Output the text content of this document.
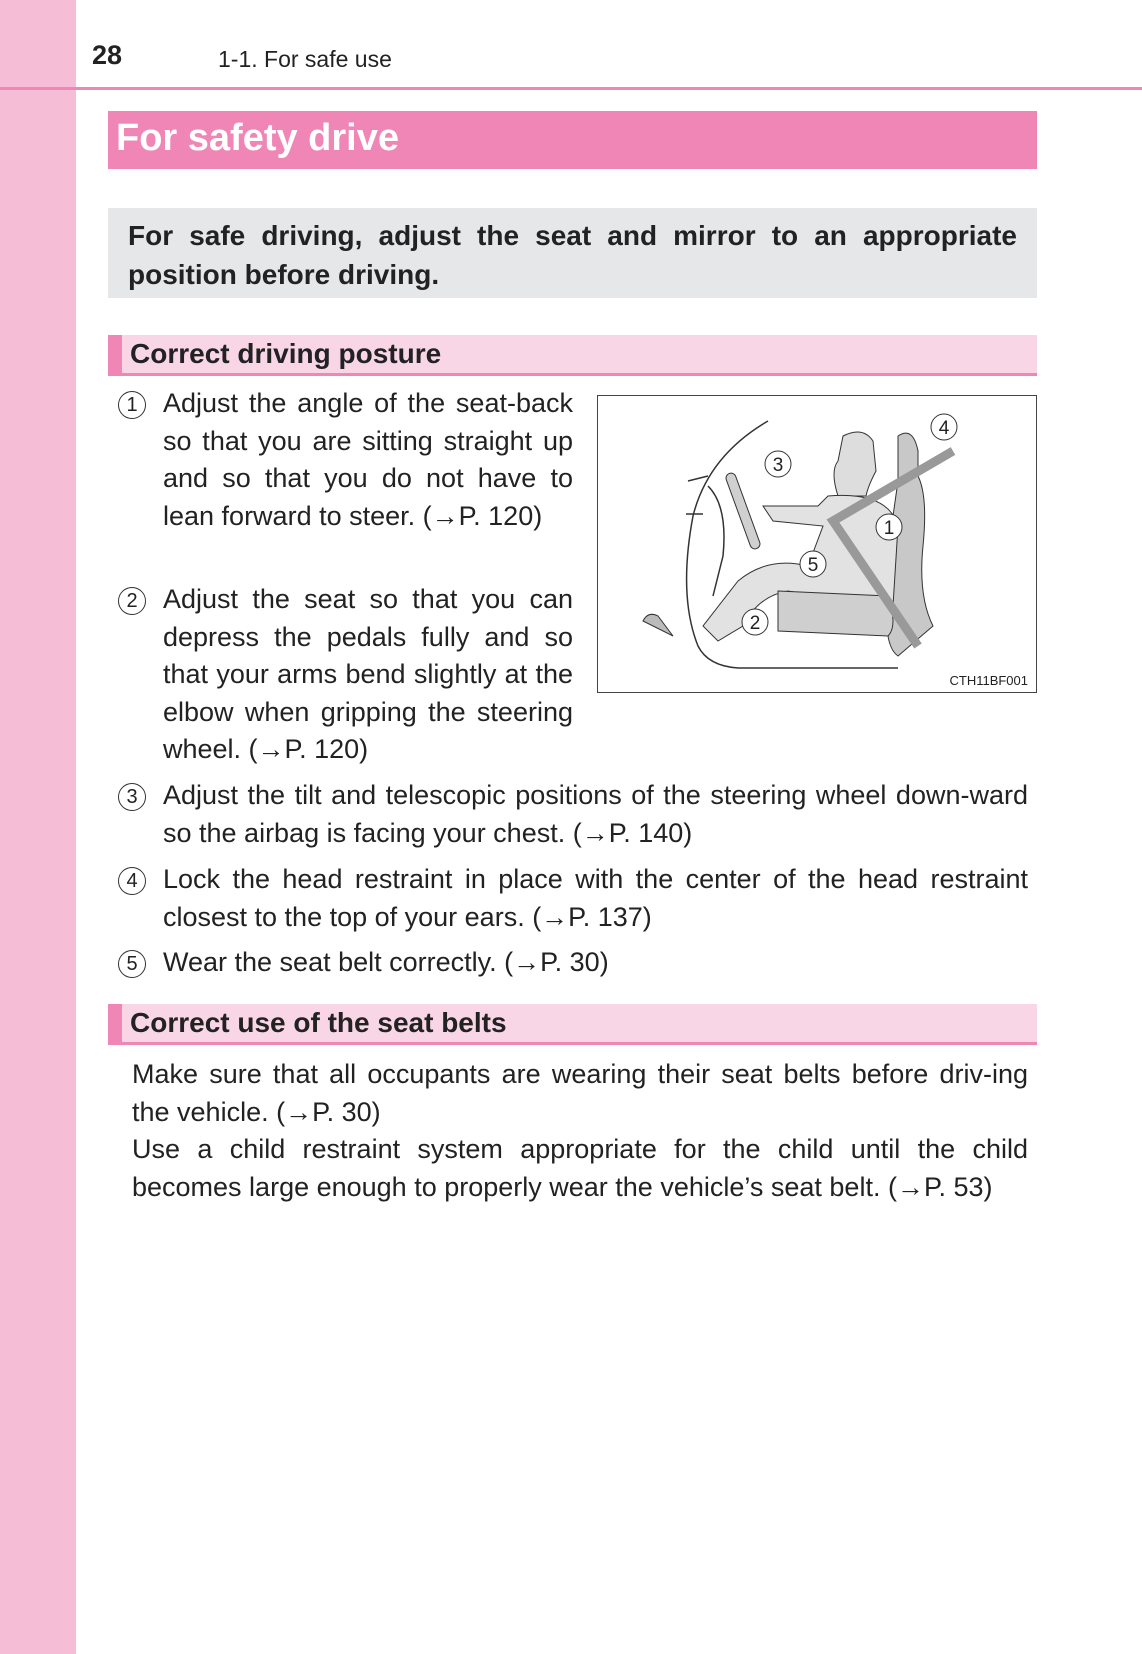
28	1-1. For safe use
For safety drive

For safe driving, adjust the seat and mirror to an appropriate position before driving.

Correct driving posture
1 Adjust the angle of the seat-back so that you are sitting straight up and so that you do not have to lean forward to steer. (→P. 120)
2 Adjust the seat so that you can depress the pedals fully and so that your arms bend slightly at the elbow when gripping the steering wheel. (→P. 120)
3 Adjust the tilt and telescopic positions of the steering wheel down-ward so the airbag is facing your chest. (→P. 140)
4 Lock the head restraint in place with the center of the head restraint closest to the top of your ears. (→P. 137)
5 Wear the seat belt correctly. (→P. 30)
1
2
3
4
5
CTH11BF001
Correct use of the seat belts

Make sure that all occupants are wearing their seat belts before driv-ing the vehicle. (→P. 30)

Use a child restraint system appropriate for the child until the child becomes large enough to properly wear the vehicle’s seat belt. (→P. 53)
